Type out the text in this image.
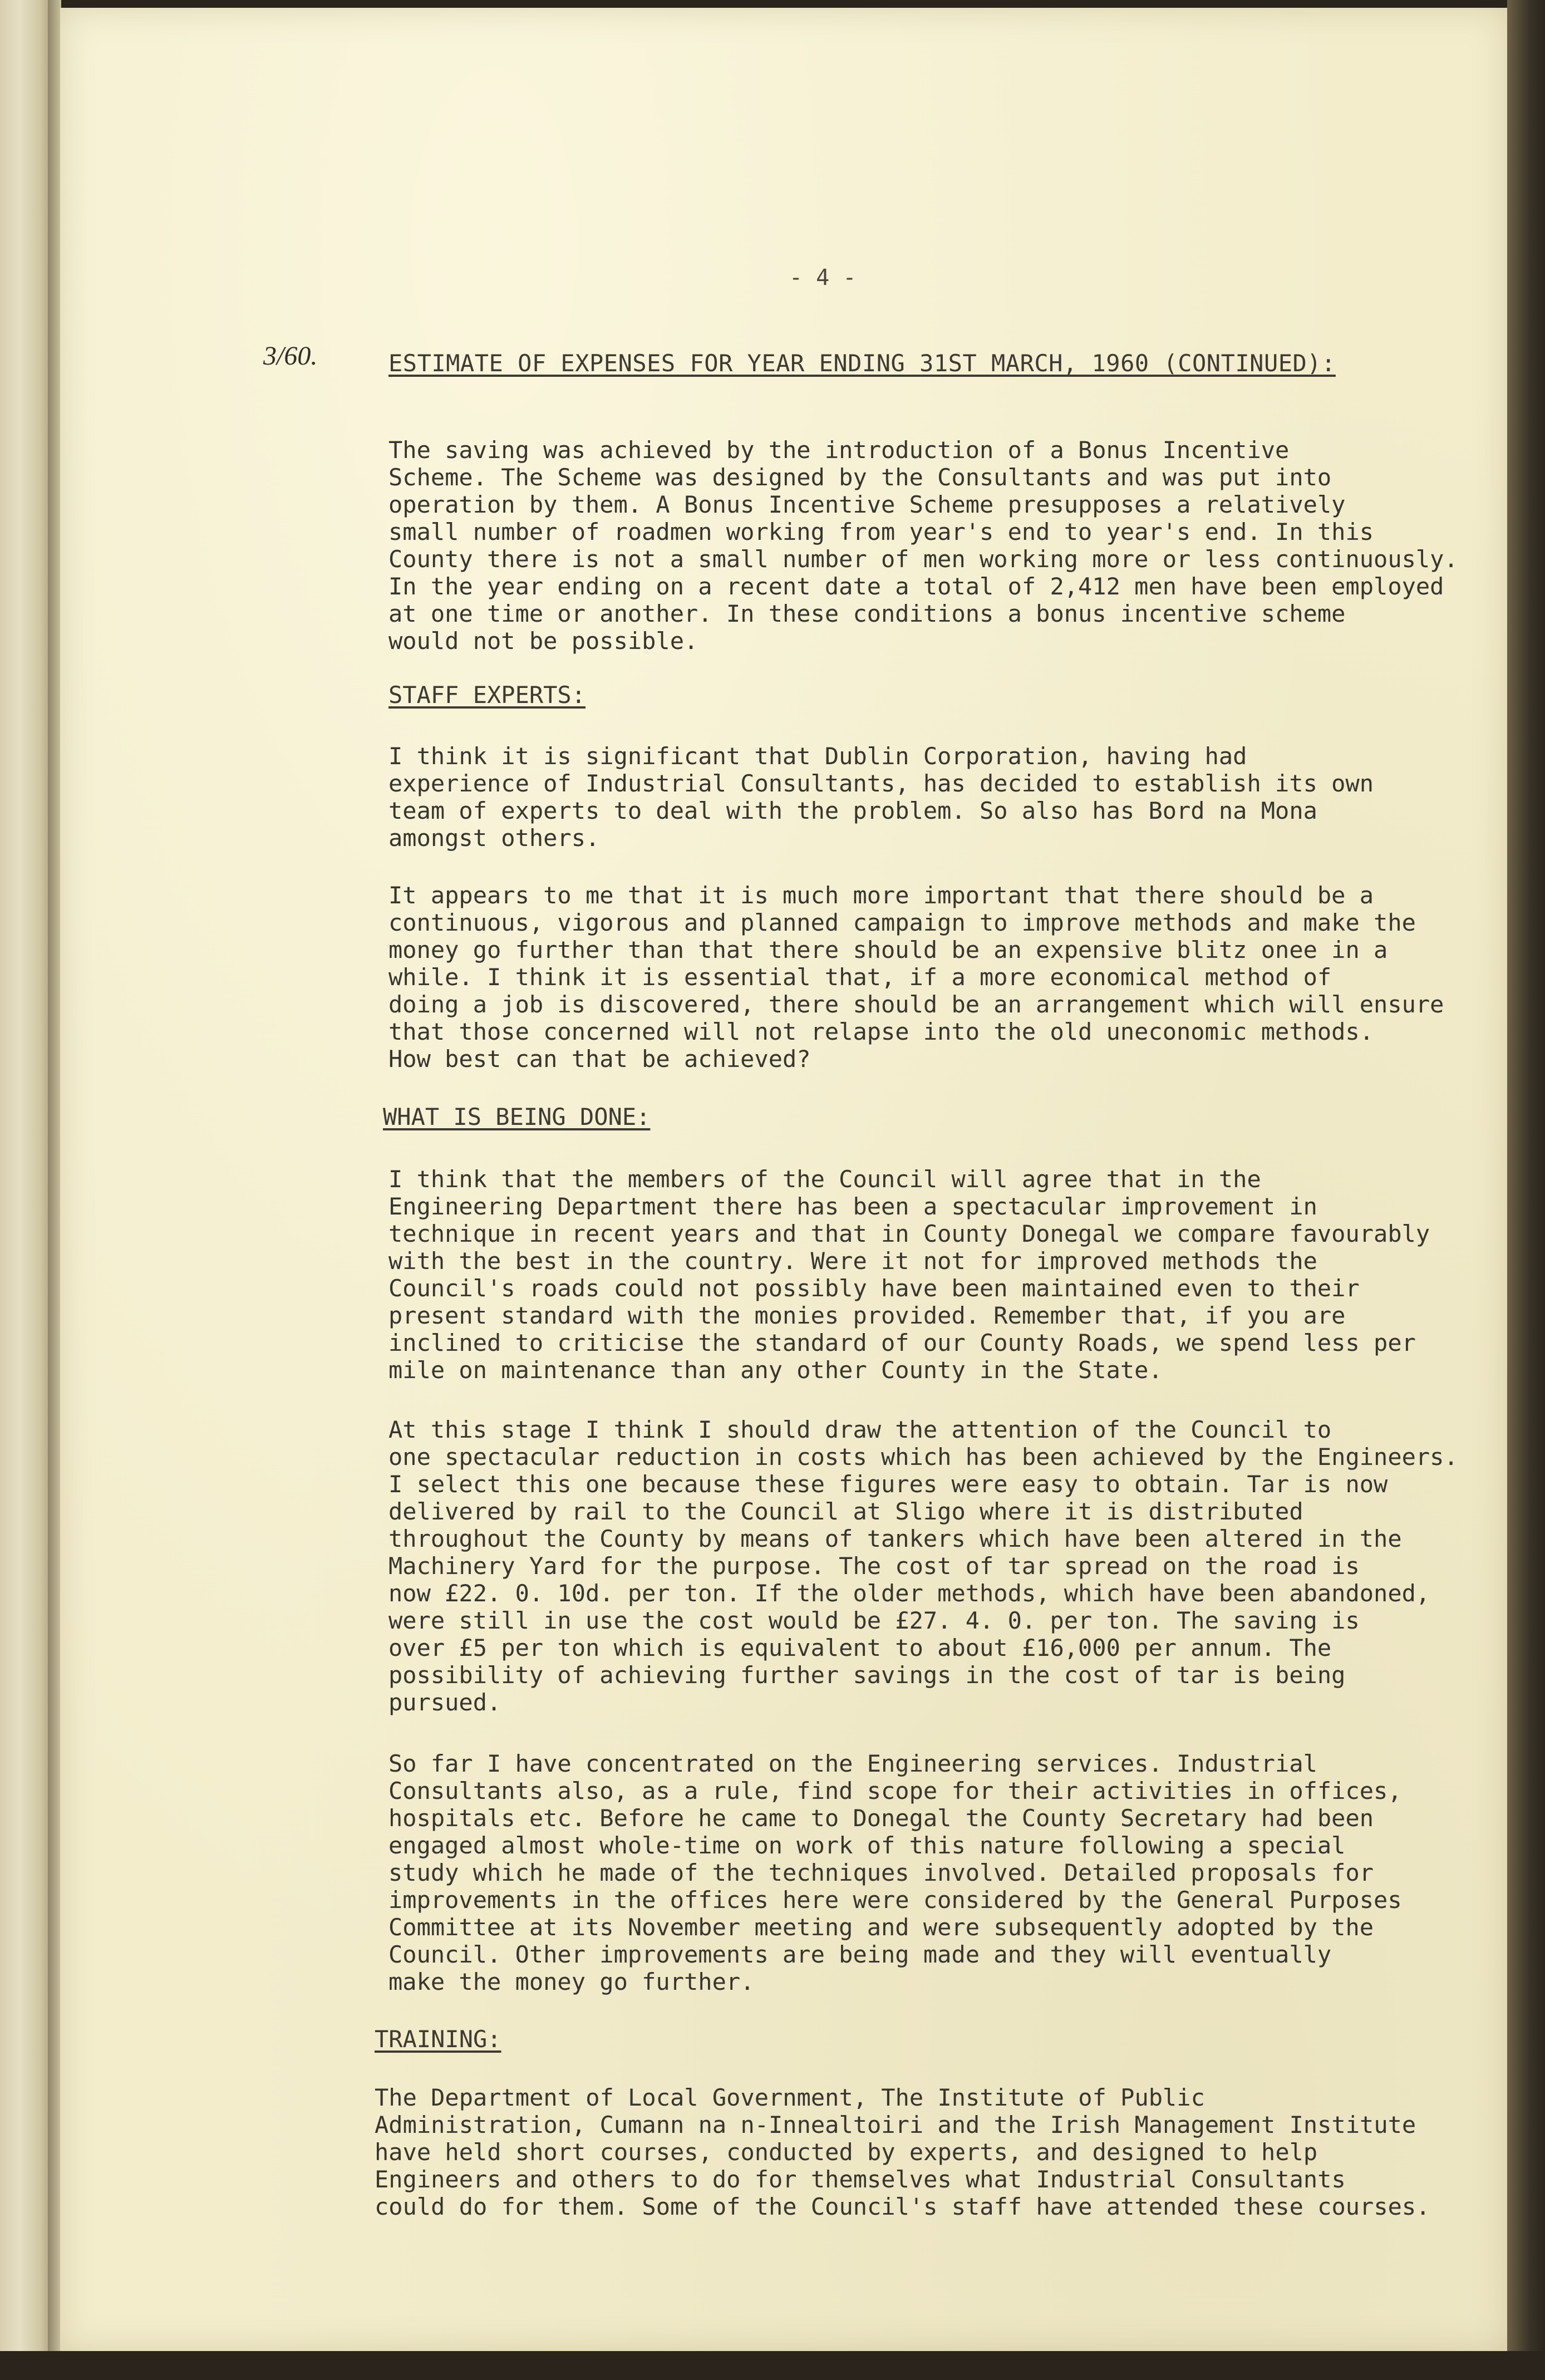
- 4 -
3/60.	ESTIMATE OF EXPENSES FOR YEAR ENDING 31ST MARCH, 1960 (CONTINUED):

The saving was achieved by the introduction of a Bonus Incentive
Scheme. The Scheme was designed by the Consultants and was put into
operation by them. A Bonus Incentive Scheme presupposes a relatively
small number of roadmen working from year's end to year's end. In this
County there is not a small number of men working more or less continuously.
In the year ending on a recent date a total of 2,412 men have been employed
at one time or another. In these conditions a bonus incentive scheme
would not be possible.

STAFF EXPERTS:

I think it is significant that Dublin Corporation, having had
experience of Industrial Consultants, has decided to establish its own
team of experts to deal with the problem. So also has Bord na Mona
amongst others.

It appears to me that it is much more important that there should be a
continuous, vigorous and planned campaign to improve methods and make the
money go further than that there should be an expensive blitz onee in a
while. I think it is essential that, if a more economical method of
doing a job is discovered, there should be an arrangement which will ensure
that those concerned will not relapse into the old uneconomic methods.
How best can that be achieved?

WHAT IS BEING DONE:

I think that the members of the Council will agree that in the
Engineering Department there has been a spectacular improvement in
technique in recent years and that in County Donegal we compare favourably
with the best in the country. Were it not for improved methods the
Council's roads could not possibly have been maintained even to their
present standard with the monies provided. Remember that, if you are
inclined to criticise the standard of our County Roads, we spend less per
mile on maintenance than any other County in the State.

At this stage I think I should draw the attention of the Council to
one spectacular reduction in costs which has been achieved by the Engineers.
I select this one because these figures were easy to obtain. Tar is now
delivered by rail to the Council at Sligo where it is distributed
throughout the County by means of tankers which have been altered in the
Machinery Yard for the purpose. The cost of tar spread on the road is
now £22. 0. 10d. per ton. If the older methods, which have been abandoned,
were still in use the cost would be £27. 4. 0. per ton. The saving is
over £5 per ton which is equivalent to about £16,000 per annum. The
possibility of achieving further savings in the cost of tar is being
pursued.

So far I have concentrated on the Engineering services. Industrial
Consultants also, as a rule, find scope for their activities in offices,
hospitals etc. Before he came to Donegal the County Secretary had been
engaged almost whole-time on work of this nature following a special
study which he made of the techniques involved. Detailed proposals for
improvements in the offices here were considered by the General Purposes
Committee at its November meeting and were subsequently adopted by the
Council. Other improvements are being made and they will eventually
make the money go further.

TRAINING:

The Department of Local Government, The Institute of Public
Administration, Cumann na n-Innealtoiri and the Irish Management Institute
have held short courses, conducted by experts, and designed to help
Engineers and others to do for themselves what Industrial Consultants
could do for them. Some of the Council's staff have attended these courses.
